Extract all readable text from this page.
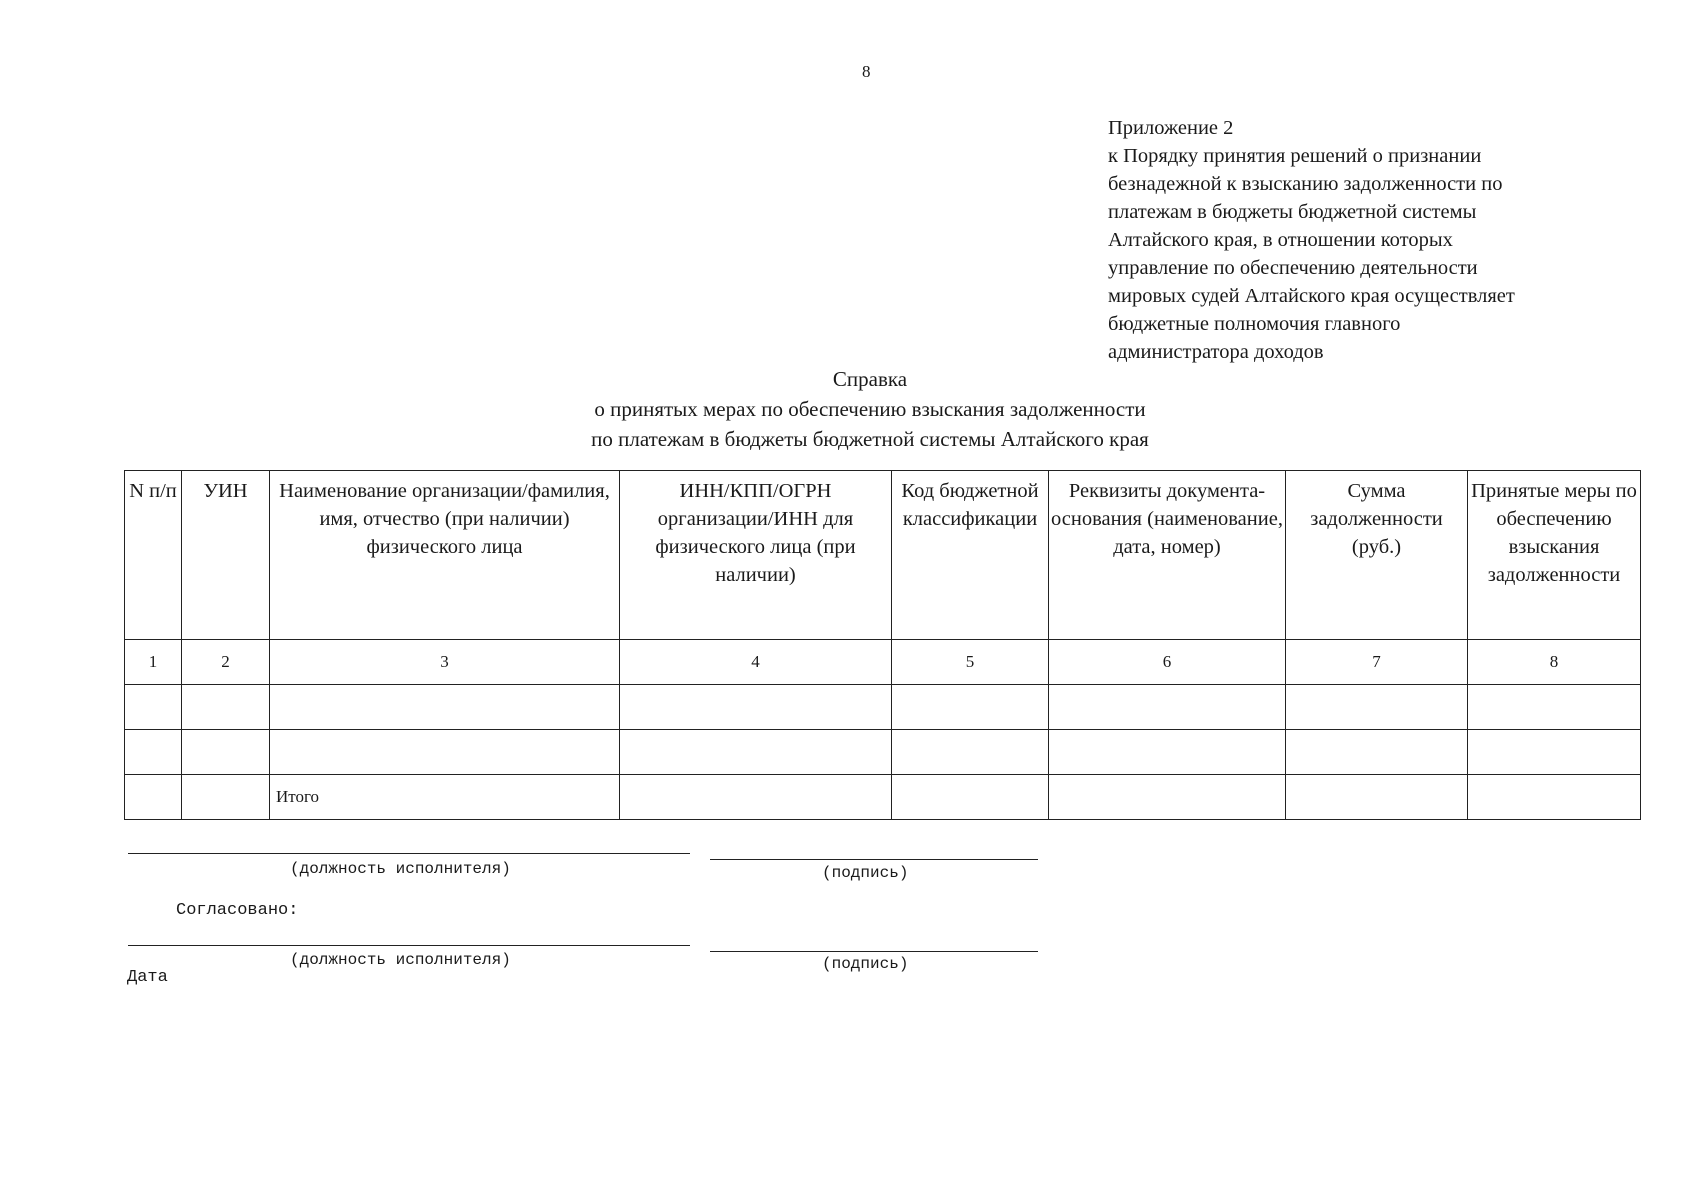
8
Приложение 2
к Порядку принятия решений о признании
безнадежной к взысканию задолженности по
платежам в бюджеты бюджетной системы
Алтайского края, в отношении которых
управление по обеспечению деятельности
мировых судей Алтайского края осуществляет
бюджетные полномочия главного
администратора доходов
Справка
о принятых мерах по обеспечению взыскания задолженности
по платежам в бюджеты бюджетной системы Алтайского края
N п/п	УИН	Наименование организации/фамилия, имя, отчество (при наличии) физического лица	ИНН/КПП/ОГРН организации/ИНН для физического лица (при наличии)	Код бюджетной классификации	Реквизиты документа-основания (наименование, дата, номер)	Сумма задолженности (руб.)	Принятые меры по обеспечению взыскания задолженности
1	2	3	4	5	6	7	8

		Итого					
(должность исполнителя)	(подпись)
Согласовано:
(должность исполнителя)	(подпись)
Дата
